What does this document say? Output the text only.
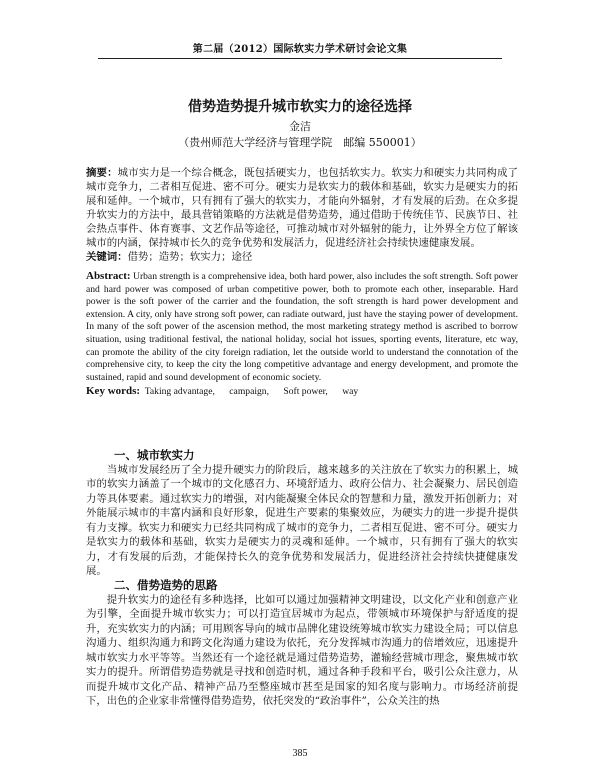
第二届（2012）国际软实力学术研讨会论文集
借势造势提升城市软实力的途径选择
金洁
（贵州师范大学经济与管理学院　邮编 550001）
摘要：城市实力是一个综合概念，既包括硬实力，也包括软实力。软实力和硬实力共同构成了城市竞争力，二者相互促进、密不可分。硬实力是软实力的载体和基础，软实力是硬实力的拓展和延伸。一个城市，只有拥有了强大的软实力，才能向外辐射，才有发展的后劲。在众多提升软实力的方法中，最具营销策略的方法就是借势造势，通过借助于传统佳节、民族节日、社会热点事件、体育赛事、文艺作品等途径，可推动城市对外辐射的能力，让外界全方位了解该城市的内涵，保持城市长久的竞争优势和发展活力，促进经济社会持续快速健康发展。
关键词：借势；造势；软实力；途径
Abstract: Urban strength is a comprehensive idea, both hard power, also includes the soft strength. Soft power and hard power was composed of urban competitive power, both to promote each other, inseparable. Hard power is the soft power of the carrier and the foundation, the soft strength is hard power development and extension. A city, only have strong soft power, can radiate outward, just have the staying power of development. In many of the soft power of the ascension method, the most marketing strategy method is ascribed to borrow situation, using traditional festival, the national holiday, social hot issues, sporting events, literature, etc way, can promote the ability of the city foreign radiation, let the outside world to understand the connotation of the comprehensive city, to keep the city the long competitive advantage and energy development, and promote the sustained, rapid and sound development of economic society.
Key words: Taking advantage, campaign, Soft power, way
一、城市软实力
当城市发展经历了全力提升硬实力的阶段后，越来越多的关注放在了软实力的积累上，城市的软实力涵盖了一个城市的文化感召力、环境舒适力、政府公信力、社会凝聚力、居民创造力等具体要素。通过软实力的增强，对内能凝聚全体民众的智慧和力量，激发开拓创新力；对外能展示城市的丰富内涵和良好形象，促进生产要素的集聚效应，为硬实力的进一步提升提供有力支撑。软实力和硬实力已经共同构成了城市的竞争力，二者相互促进、密不可分。硬实力是软实力的载体和基础，软实力是硬实力的灵魂和延伸。一个城市，只有拥有了强大的软实力，才有发展的后劲，才能保持长久的竞争优势和发展活力，促进经济社会持续快捷健康发展。
二、借势造势的思路
提升软实力的途径有多种选择，比如可以通过加强精神文明建设，以文化产业和创意产业为引擎，全面提升城市软实力；可以打造宜居城市为起点，带领城市环境保护与舒适度的提升，充实软实力的内涵；可用顾客导向的城市品牌化建设统筹城市软实力建设全局；可以信息沟通力、组织沟通力和跨文化沟通力建设为依托，充分发挥城市沟通力的倍增效应，迅速提升城市软实力水平等等。当然还有一个途径就是通过借势造势，灌输经营城市理念，聚焦城市软实力的提升。所谓借势造势就是寻找和创造时机，通过各种手段和平台，吸引公众注意力，从而提升城市文化产品、精神产品乃至整座城市甚至是国家的知名度与影响力。市场经济前提下，出色的企业家非常懂得借势造势，依托突发的“政治事件”，公众关注的热
385
